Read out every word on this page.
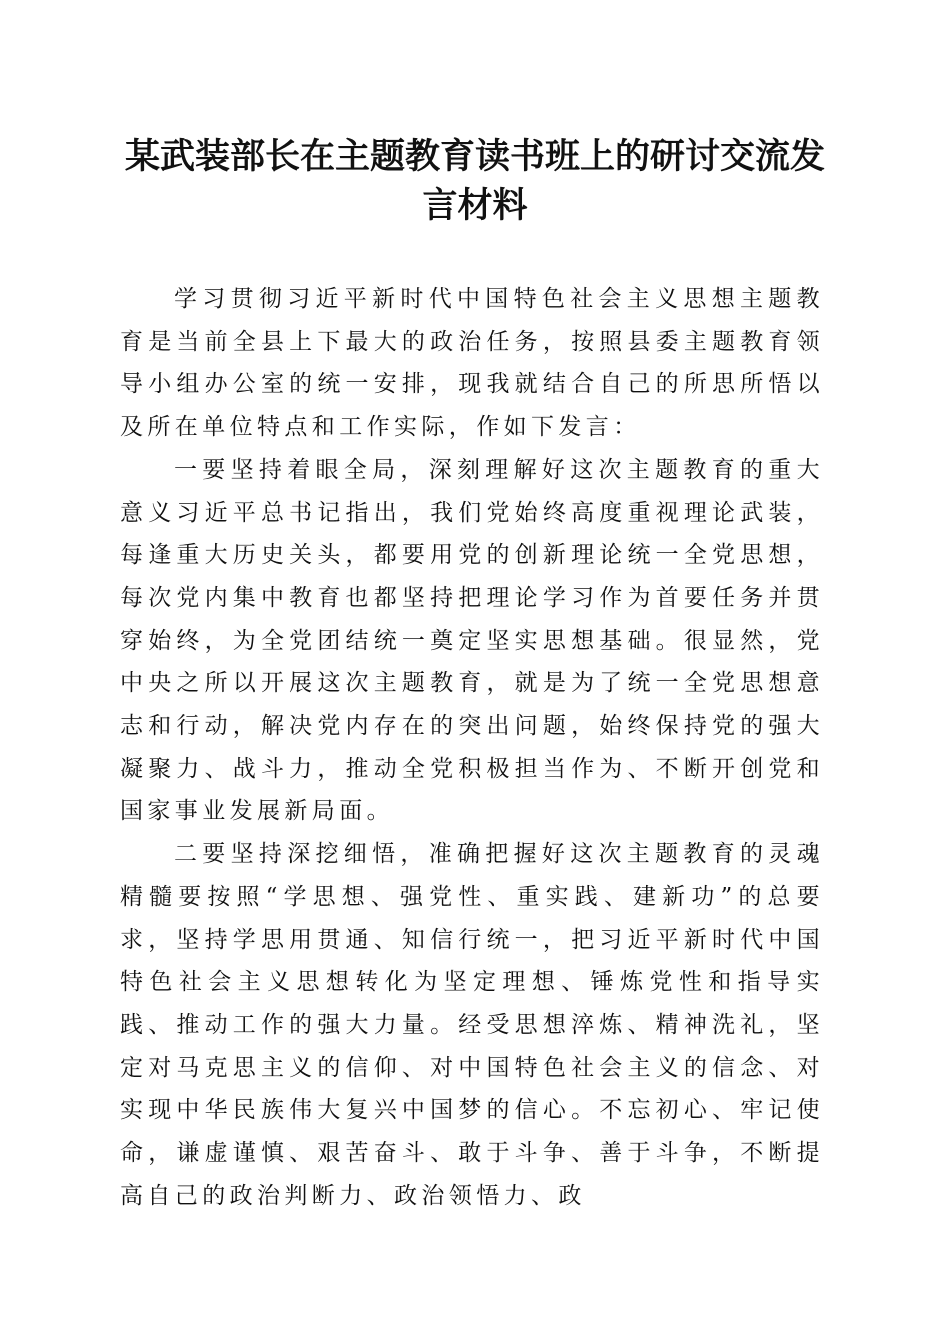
某武装部长在主题教育读书班上的研讨交流发言材料

学习贯彻习近平新时代中国特色社会主义思想主题教育是当前全县上下最大的政治任务，按照县委主题教育领导小组办公室的统一安排，现我就结合自己的所思所悟以及所在单位特点和工作实际，作如下发言：

一要坚持着眼全局，深刻理解好这次主题教育的重大意义习近平总书记指出，我们党始终高度重视理论武装，每逢重大历史关头，都要用党的创新理论统一全党思想，每次党内集中教育也都坚持把理论学习作为首要任务并贯穿始终，为全党团结统一奠定坚实思想基础。很显然，党中央之所以开展这次主题教育，就是为了统一全党思想意志和行动，解决党内存在的突出问题，始终保持党的强大凝聚力、战斗力，推动全党积极担当作为、不断开创党和国家事业发展新局面。

二要坚持深挖细悟，准确把握好这次主题教育的灵魂精髓要按照“学思想、强党性、重实践、建新功”的总要求，坚持学思用贯通、知信行统一，把习近平新时代中国特色社会主义思想转化为坚定理想、锤炼党性和指导实践、推动工作的强大力量。经受思想淬炼、精神洗礼，坚定对马克思主义的信仰、对中国特色社会主义的信念、对实现中华民族伟大复兴中国梦的信心。不忘初心、牢记使命，谦虚谨慎、艰苦奋斗、敢于斗争、善于斗争，不断提高自己的政治判断力、政治领悟力、政
